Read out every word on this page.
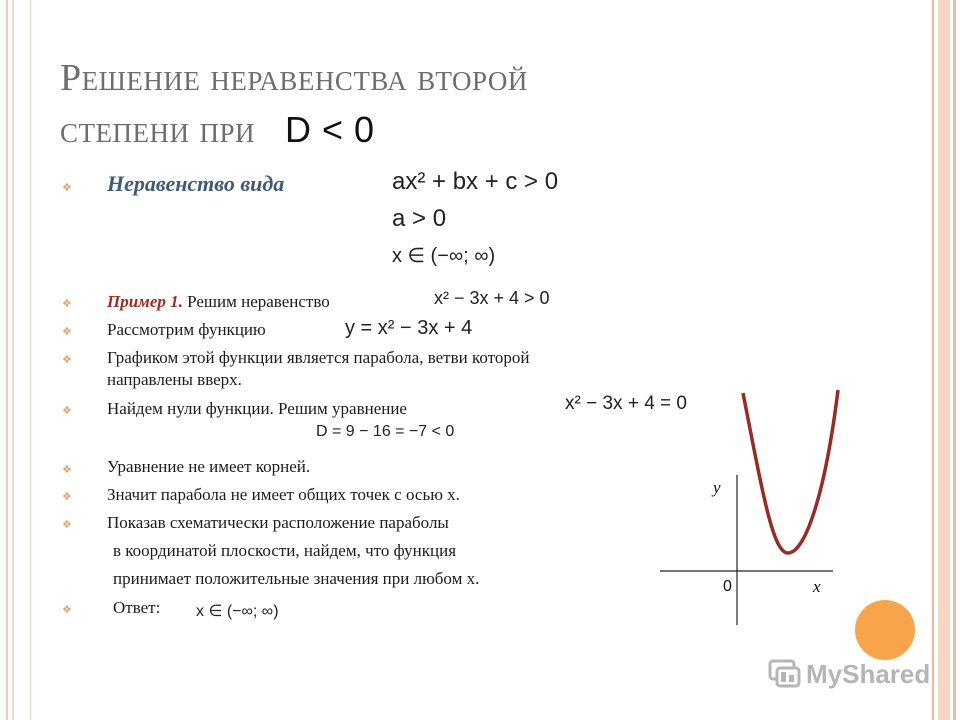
Решение неравенства второй
степени при D < 0
❖ Неравенство вида	ax² + bx + c > 0
a > 0
x ∈ (−∞; ∞)
❖ Пример 1. Решим неравенство	x² − 3x + 4 > 0
❖ Рассмотрим функцию	y = x² − 3x + 4
❖ Графиком этой функции является парабола, ветви которой
направлены вверх.
❖ Найдем нули функции. Решим уравнение	x² − 3x + 4 = 0
D = 9 − 16 = −7 < 0
❖ Уравнение не имеет корней.
❖ Значит парабола не имеет общих точек с осью x.
❖ Показав схематически расположение параболы
в координатой плоскости, найдем, что функция
принимает положительные значения при любом x.
❖ Ответ: x ∈ (−∞; ∞)
y
0	x
MyShared
